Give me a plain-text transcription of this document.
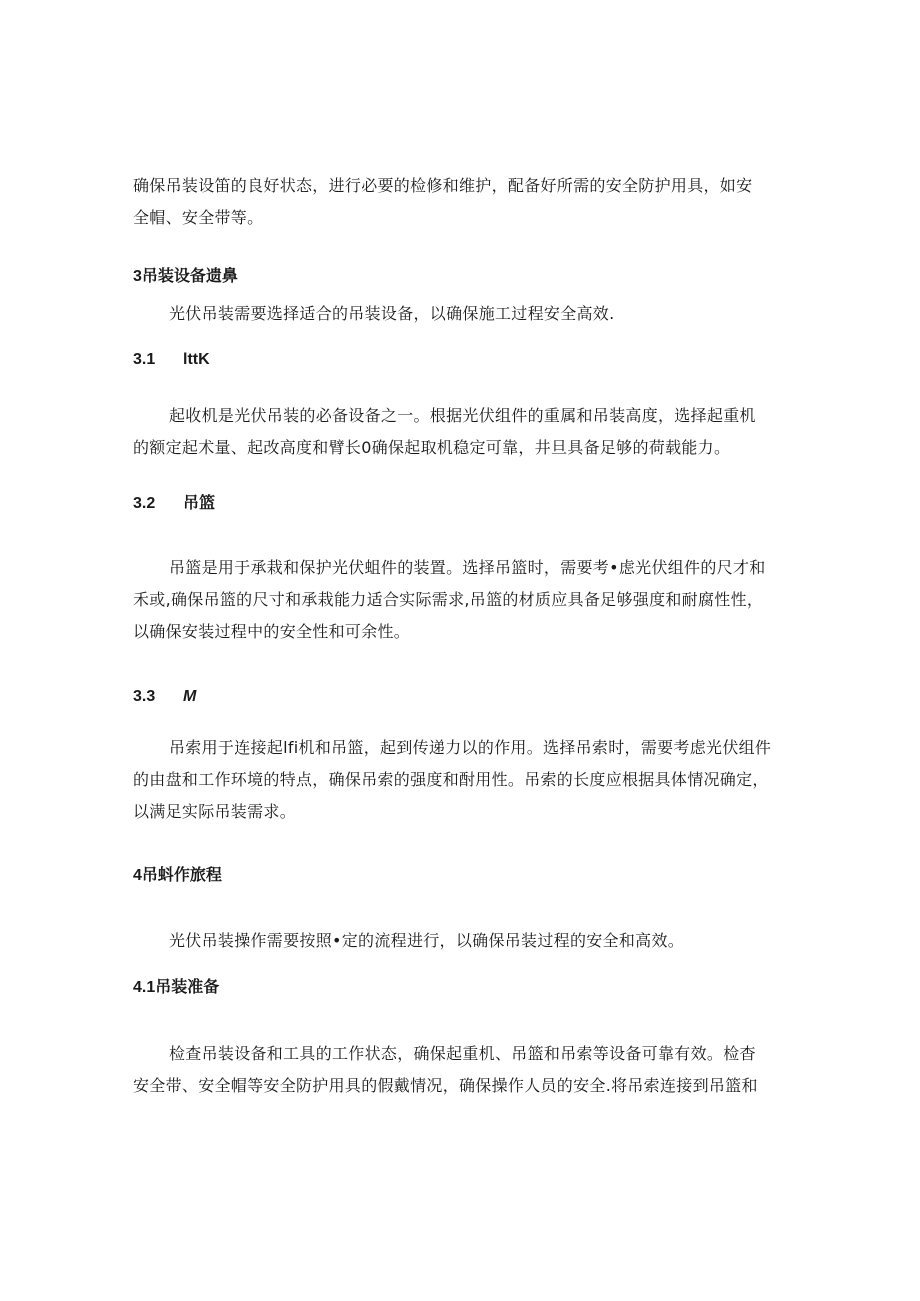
确保吊装设笛的良好状态，进行必要的检修和维护，配备好所需的安全防护用具，如安
全帽、安全带等。

3吊装设备遗鼻

光伏吊装需要选择适合的吊装设备，以确保施工过程安全高效.

3.1 lttK

起收机是光伏吊装的必备设备之一。根据光伏组件的重属和吊装高度，选择起重机
的额定起术量、起改高度和臂长0确保起取机稳定可靠，井旦具备足够的荷载能力。

3.2 吊篮

吊篮是用于承栽和保护光伏蛆件的装置。选择吊篮时，需要考•虑光伏组件的尺才和
禾或,确保吊篮的尺寸和承栽能力适合实际需求,吊篮的材质应具备足够强度和耐腐性性，
以确保安装过程中的安全性和可余性。

3.3 M

吊索用于连接起lfi机和吊篮，起到传递力以的作用。选择吊索时，需要考虑光伏组件
的由盘和工作环境的特点，确保吊索的强度和酎用性。吊索的长度应根据具体情况确定，
以满足实际吊装需求。

4吊蚪作旅程

光伏吊装操作需要按照•定的流程进行，以确保吊装过程的安全和高效。

4.1吊装准备

检查吊装设备和工具的工作状态，确保起重机、吊篮和吊索等设备可靠有效。检杳
安全带、安全帽等安全防护用具的假戴情况，确保操作人员的安全.将吊索连接到吊篮和
